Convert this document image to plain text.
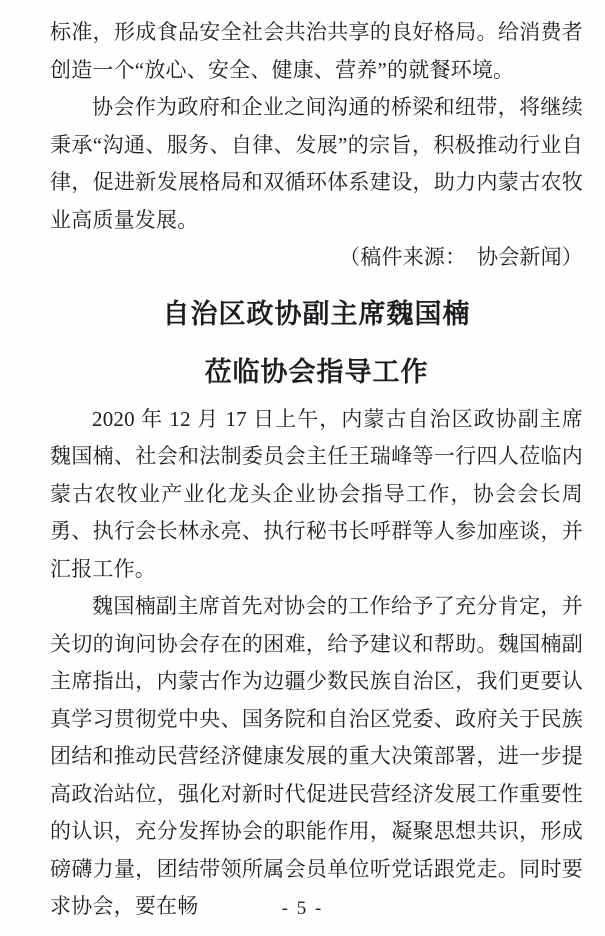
标准，形成食品安全社会共治共享的良好格局。给消费者创造一个“放心、安全、健康、营养”的就餐环境。

协会作为政府和企业之间沟通的桥梁和纽带，将继续秉承“沟通、服务、自律、发展”的宗旨，积极推动行业自律，促进新发展格局和双循环体系建设，助力内蒙古农牧业高质量发展。

（稿件来源：　协会新闻）

自治区政协副主席魏国楠
莅临协会指导工作

2020 年 12 月 17 日上午，内蒙古自治区政协副主席魏国楠、社会和法制委员会主任王瑞峰等一行四人莅临内蒙古农牧业产业化龙头企业协会指导工作，协会会长周勇、执行会长林永亮、执行秘书长呼群等人参加座谈，并汇报工作。

魏国楠副主席首先对协会的工作给予了充分肯定，并关切的询问协会存在的困难，给予建议和帮助。魏国楠副主席指出，内蒙古作为边疆少数民族自治区，我们更要认真学习贯彻党中央、国务院和自治区党委、政府关于民族团结和推动民营经济健康发展的重大决策部署，进一步提高政治站位，强化对新时代促进民营经济发展工作重要性的认识，充分发挥协会的职能作用，凝聚思想共识，形成磅礴力量，团结带领所属会员单位听党话跟党走。同时要求协会，要在畅	- 5 -
